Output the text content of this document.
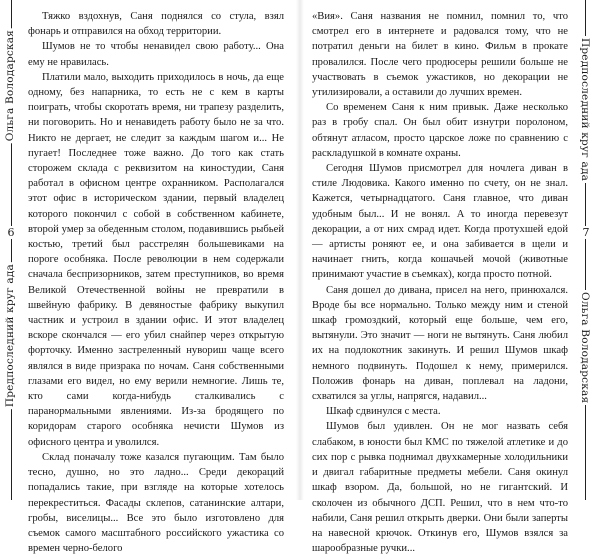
Ольга Володарская
6
Предпоследний круг ада

Тяжко вздохнув, Саня поднялся со стула, взял фонарь и отправился на обход территории.

Шумов не то чтобы ненавидел свою работу... Она ему не нравилась.

Платили мало, выходить приходилось в ночь, да еще одному, без напарника, то есть не с кем в карты поиграть, чтобы скоротать время, ни трапезу разделить, ни поговорить. Но и ненавидеть работу было не за что. Никто не дергает, не следит за каждым шагом и... Не пугает! Последнее тоже важно. До того как стать сторожем склада с реквизитом на киностудии, Саня работал в офисном центре охранником. Располагался этот офис в историческом здании, первый владелец которого покончил с собой в собственном кабинете, второй умер за обеденным столом, подавившись рыбьей костью, третий был расстрелян большевиками на пороге особняка. После революции в нем содержали сначала беспризорников, затем преступников, во время Великой Отечественной войны не превратили в швейную фабрику. В девяностые фабрику выкупил частник и устроил в здании офис. И этот владелец вскоре скончался — его убил снайпер через открытую форточку. Именно застреленный нувориш чаще всего являлся в виде призрака по ночам. Саня собственными глазами его видел, но ему верили немногие. Лишь те, кто сами когда-нибудь сталкивались с паранормальными явлениями. Из-за бродящего по коридорам старого особняка нечисти Шумов из офисного центра и уволился.

Склад поначалу тоже казался пугающим. Там было тесно, душно, но это ладно... Среди декораций попадались такие, при взгляде на которые хотелось перекреститься. Фасады склепов, сатанинские алтари, гробы, виселицы... Все это было изготовлено для съемок самого масштабного российского ужастика со времен черно-белого

«Вия». Саня названия не помнил, помнил то, что смотрел его в интернете и радовался тому, что не потратил деньги на билет в кино. Фильм в прокате провалился. После чего продюсеры решили больше не участвовать в съемок ужастиков, но декорации не утилизировали, а оставили до лучших времен.

Со временем Саня к ним привык. Даже несколько раз в гробу спал. Он был обит изнутри поролоном, обтянут атласом, просто царское ложе по сравнению с раскладушкой в комнате охраны.

Сегодня Шумов присмотрел для ночлега диван в стиле Людовика. Какого именно по счету, он не знал. Кажется, четырнадцатого. Саня главное, что диван удобным был... И не вонял. А то иногда перевезут декорации, а от них смрад идет. Когда протухшей едой — артисты роняют ее, и она забивается в щели и начинает гнить, когда кошачьей мочой (животные принимают участие в съемках), когда просто потной.

Саня дошел до дивана, присел на него, принюхался. Вроде бы все нормально. Только между ним и стеной шкаф громоздкий, который еще больше, чем его, вытянули. Это значит — ноги не вытянуть. Саня любил их на подлокотник закинуть. И решил Шумов шкаф немного подвинуть. Подошел к нему, примерился. Положив фонарь на диван, поплевал на ладони, схватился за углы, напрягся, надавил...

Шкаф сдвинулся с места.

Шумов был удивлен. Он не мог назвать себя слабаком, в юности был КМС по тяжелой атлетике и до сих пор с рывка поднимал двухкамерные холодильники и двигал габаритные предметы мебели. Саня окинул шкаф взором. Да, большой, но не гигантский. И сколочен из обычного ДСП. Решил, что в нем что-то набили, Саня решил открыть дверки. Они были заперты на навесной крючок. Откинув его, Шумов взялся за шарообразные ручки...

Предпоследний круг ада
7
Ольга Володарская
